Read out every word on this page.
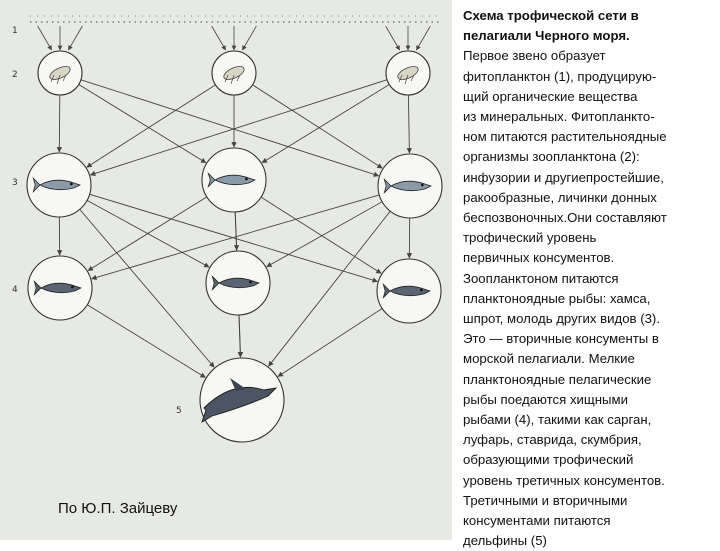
1
2
3
4
5
По Ю.П. Зайцеву

Схема трофической сети в

пелагиали Черного моря.

Первое звено образует

фитопланктон (1), продуцирую-

щий органические вещества

из минеральных. Фитопланкто-

ном питаются растительноядные

организмы зоопланктона (2):

инфузории и другиепростейшие,

ракообразные, личинки донных

беспозвоночных.Они составляют

трофический уровень

первичных консументов.

Зоопланктоном питаются

планктоноядные рыбы: хамса,

шпрот, молодь других видов (3).

Это — вторичные консументы в

морской пелагиали. Мелкие

планктоноядные пелагические

рыбы поедаются хищными

рыбами (4), такими как сарган,

луфарь, ставрида, скумбрия,

образующими трофический

уровень третичных консументов.

Третичными и вторичными

консументами питаются

дельфины (5)
